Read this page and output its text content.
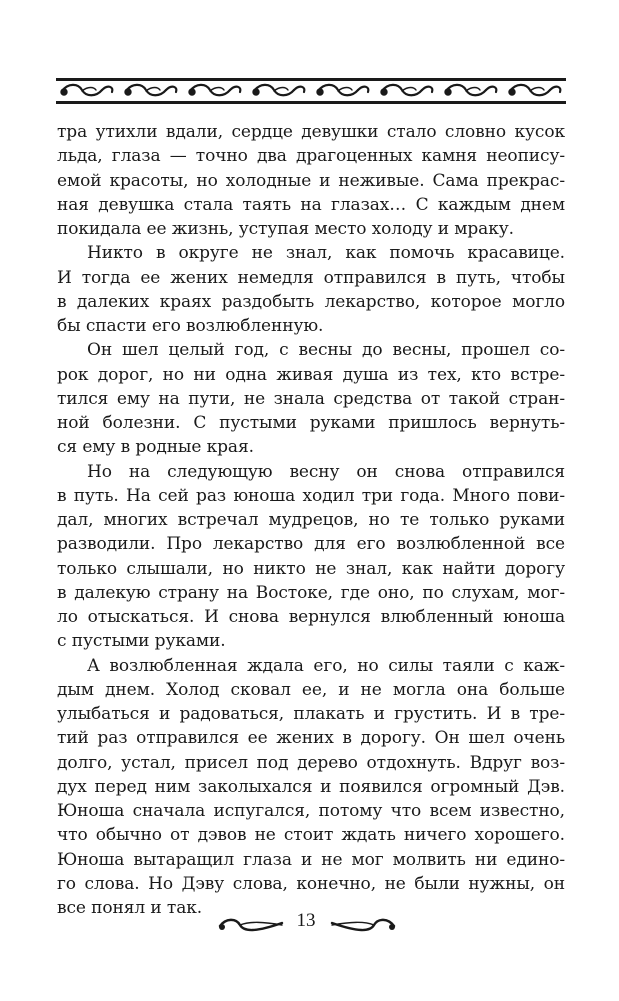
тра утихли вдали, сердце девушки стало словно кусок
льда, глаза — точно два драгоценных камня неопису-
емой красоты, но холодные и неживые. Сама прекрас-
ная девушка стала таять на глазах… С каждым днем
покидала ее жизнь, уступая место холоду и мраку.
Никто в округе не знал, как помочь красавице.
И тогда ее жених немедля отправился в путь, чтобы
в далеких краях раздобыть лекарство, которое могло
бы спасти его возлюбленную.
Он шел целый год, с весны до весны, прошел со-
рок дорог, но ни одна живая душа из тех, кто встре-
тился ему на пути, не знала средства от такой стран-
ной болезни. С пустыми руками пришлось вернуть-
ся ему в родные края.
Но на следующую весну он снова отправился
в путь. На сей раз юноша ходил три года. Много пови-
дал, многих встречал мудрецов, но те только руками
разводили. Про лекарство для его возлюбленной все
только слышали, но никто не знал, как найти дорогу
в далекую страну на Востоке, где оно, по слухам, мог-
ло отыскаться. И снова вернулся влюбленный юноша
с пустыми руками.
А возлюбленная ждала его, но силы таяли с каж-
дым днем. Холод сковал ее, и не могла она больше
улыбаться и радоваться, плакать и грустить. И в тре-
тий раз отправился ее жених в дорогу. Он шел очень
долго, устал, присел под дерево отдохнуть. Вдруг воз-
дух перед ним заколыхался и появился огромный Дэв.
Юноша сначала испугался, потому что всем известно,
что обычно от дэвов не стоит ждать ничего хорошего.
Юноша вытаращил глаза и не мог молвить ни едино-
го слова. Но Дэву слова, конечно, не были нужны, он
все понял и так.
13
